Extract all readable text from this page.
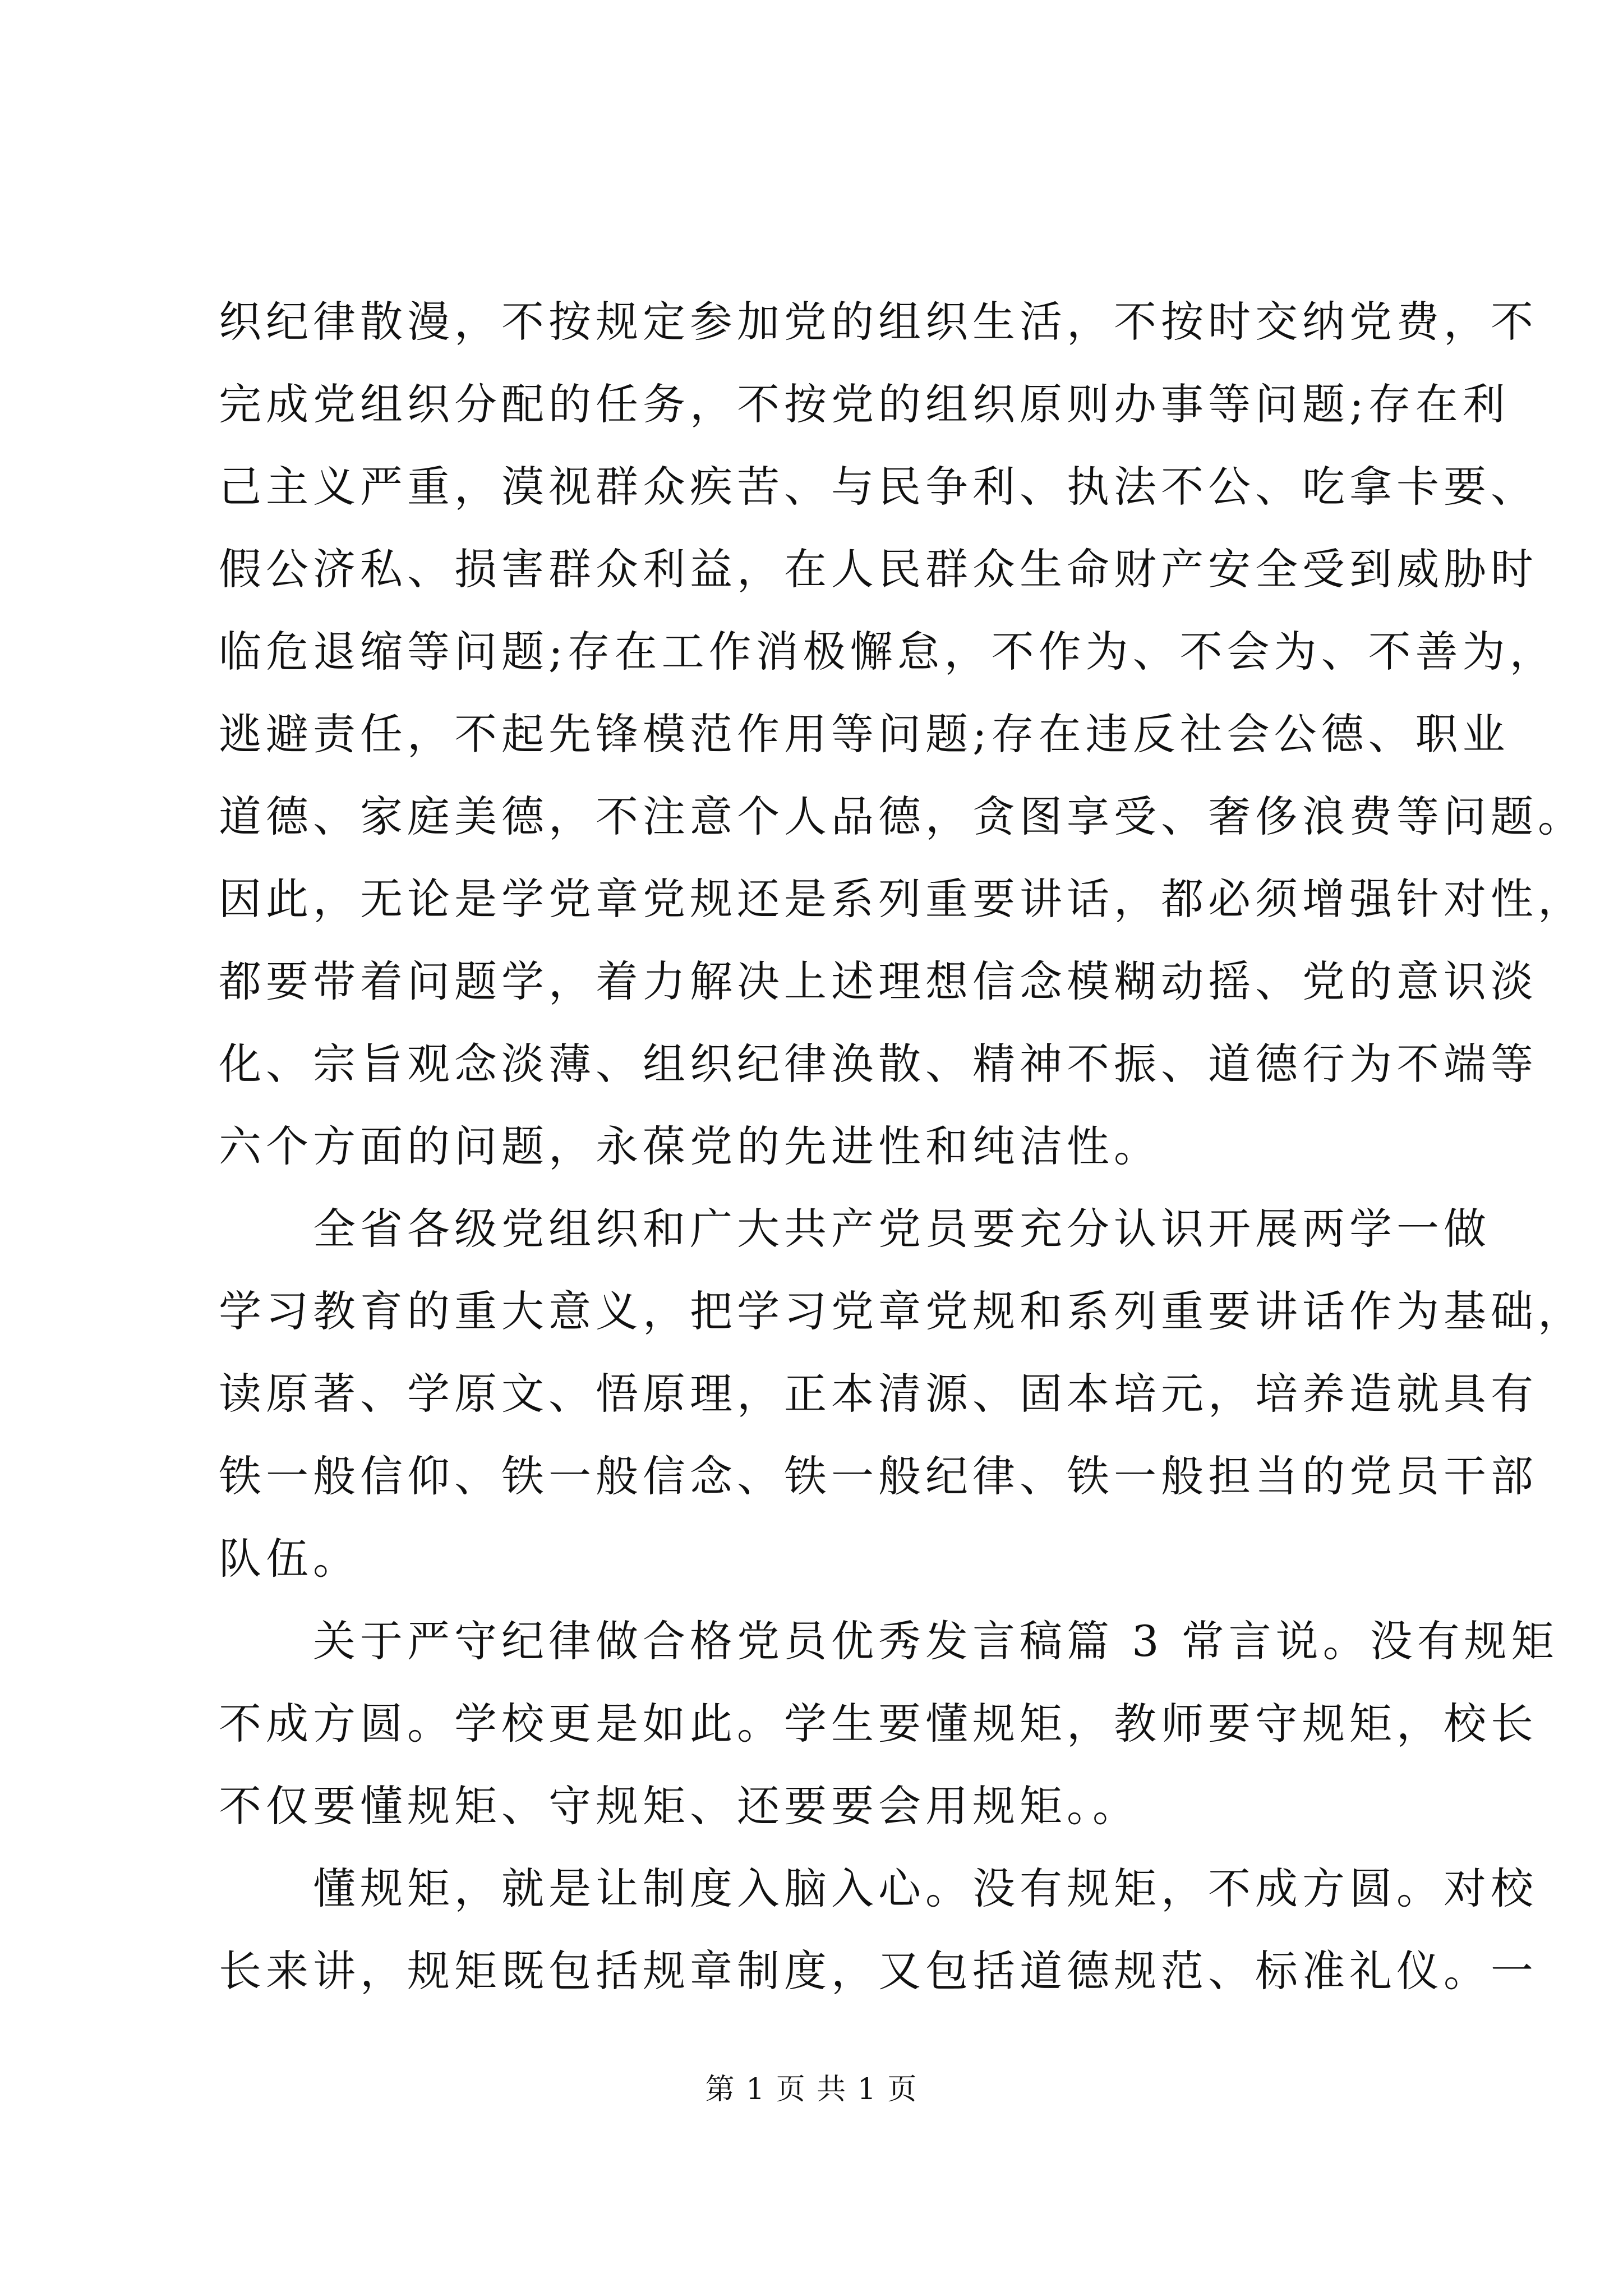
织纪律散漫，不按规定参加党的组织生活，不按时交纳党费，不
完成党组织分配的任务，不按党的组织原则办事等问题;存在利
己主义严重，漠视群众疾苦、与民争利、执法不公、吃拿卡要、
假公济私、损害群众利益，在人民群众生命财产安全受到威胁时
临危退缩等问题;存在工作消极懈怠，不作为、不会为、不善为，
逃避责任，不起先锋模范作用等问题;存在违反社会公德、职业
道德、家庭美德，不注意个人品德，贪图享受、奢侈浪费等问题。
因此，无论是学党章党规还是系列重要讲话，都必须增强针对性，
都要带着问题学，着力解决上述理想信念模糊动摇、党的意识淡
化、宗旨观念淡薄、组织纪律涣散、精神不振、道德行为不端等
六个方面的问题，永葆党的先进性和纯洁性。

　　全省各级党组织和广大共产党员要充分认识开展两学一做
学习教育的重大意义，把学习党章党规和系列重要讲话作为基础，
读原著、学原文、悟原理，正本清源、固本培元，培养造就具有
铁一般信仰、铁一般信念、铁一般纪律、铁一般担当的党员干部
队伍。

　　关于严守纪律做合格党员优秀发言稿篇 3 常言说。没有规矩
不成方圆。学校更是如此。学生要懂规矩，教师要守规矩，校长
不仅要懂规矩、守规矩、还要要会用规矩。。

　　懂规矩，就是让制度入脑入心。没有规矩，不成方圆。对校
长来讲，规矩既包括规章制度，又包括道德规范、标准礼仪。一

第 1 页 共 1 页
